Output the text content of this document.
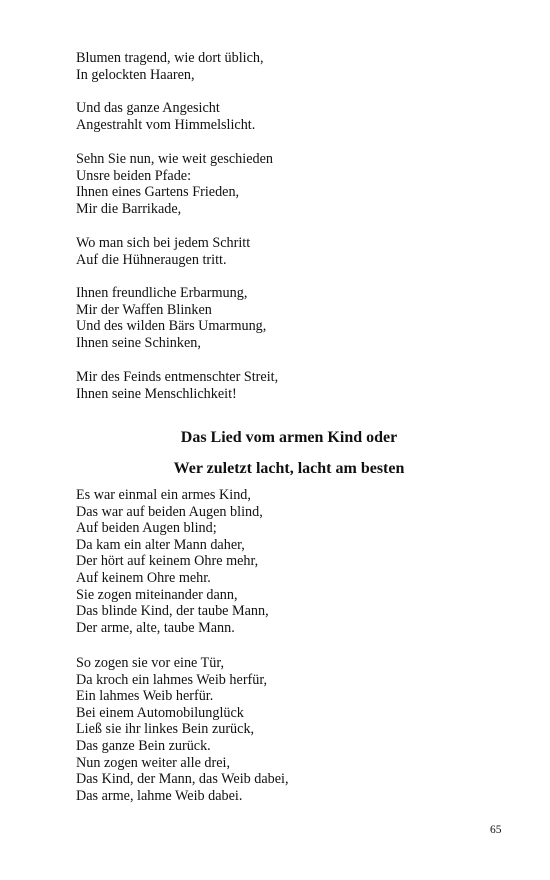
Blumen tragend, wie dort üblich,
In gelockten Haaren,
Und das ganze Angesicht
Angestrahlt vom Himmelslicht.
Sehn Sie nun, wie weit geschieden
Unsre beiden Pfade:
Ihnen eines Gartens Frieden,
Mir die Barrikade,
Wo man sich bei jedem Schritt
Auf die Hühneraugen tritt.
Ihnen freundliche Erbarmung,
Mir der Waffen Blinken
Und des wilden Bärs Umarmung,
Ihnen seine Schinken,
Mir des Feinds entmenschter Streit,
Ihnen seine Menschlichkeit!
Das Lied vom armen Kind oder
Wer zuletzt lacht, lacht am besten
Es war einmal ein armes Kind,
Das war auf beiden Augen blind,
Auf beiden Augen blind;
Da kam ein alter Mann daher,
Der hört auf keinem Ohre mehr,
Auf keinem Ohre mehr.
Sie zogen miteinander dann,
Das blinde Kind, der taube Mann,
Der arme, alte, taube Mann.
So zogen sie vor eine Tür,
Da kroch ein lahmes Weib herfür,
Ein lahmes Weib herfür.
Bei einem Automobilunglück
Ließ sie ihr linkes Bein zurück,
Das ganze Bein zurück.
Nun zogen weiter alle drei,
Das Kind, der Mann, das Weib dabei,
Das arme, lahme Weib dabei.
65
